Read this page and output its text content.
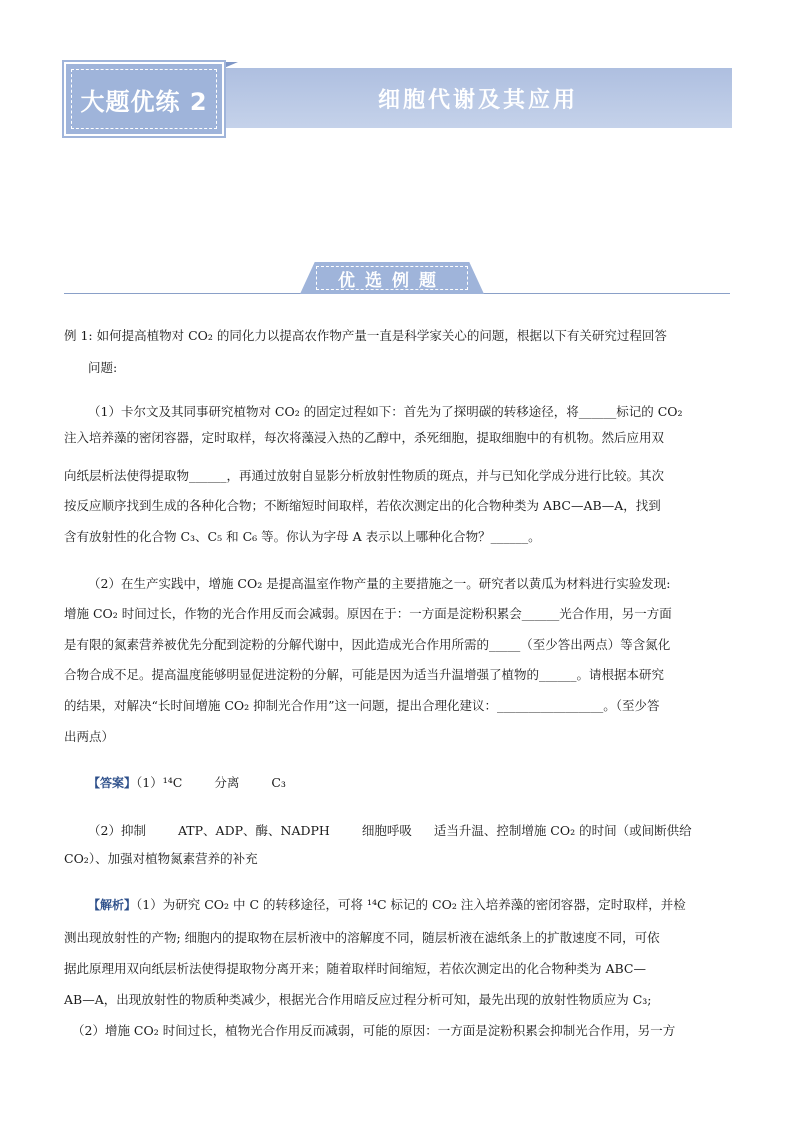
大题优练 2	细胞代谢及其应用
优选例题
例 1: 如何提高植物对 CO₂ 的同化力以提高农作物产量一直是科学家关心的问题，根据以下有关研究过程回答
问题:
（1）卡尔文及其同事研究植物对 CO₂ 的固定过程如下：首先为了探明碳的转移途径，将______标记的 CO₂
注入培养藻的密闭容器，定时取样，每次将藻浸入热的乙醇中，杀死细胞，提取细胞中的有机物。然后应用双
向纸层析法使得提取物______，再通过放射自显影分析放射性物质的斑点，并与已知化学成分进行比较。其次
按反应顺序找到生成的各种化合物；不断缩短时间取样，若依次测定出的化合物种类为 ABC—AB—A，找到
含有放射性的化合物 C₃、C₅ 和 C₆ 等。你认为字母 A 表示以上哪种化合物？______。
（2）在生产实践中，增施 CO₂ 是提高温室作物产量的主要措施之一。研究者以黄瓜为材料进行实验发现:
增施 CO₂ 时间过长，作物的光合作用反而会减弱。原因在于：一方面是淀粉积累会______光合作用，另一方面
是有限的氮素营养被优先分配到淀粉的分解代谢中，因此造成光合作用所需的_____（至少答出两点）等含氮化
合物合成不足。提高温度能够明显促进淀粉的分解，可能是因为适当升温增强了植物的______。请根据本研究
的结果，对解决“长时间增施 CO₂ 抑制光合作用”这一问题，提出合理化建议：_________________。（至少答
出两点）
【答案】（1）¹⁴C	分离	C₃
（2）抑制	ATP、ADP、酶、NADPH	细胞呼吸 适当升温、控制增施 CO₂ 的时间（或间断供给
CO₂）、加强对植物氮素营养的补充
【解析】（1）为研究 CO₂ 中 C 的转移途径，可将 ¹⁴C 标记的 CO₂ 注入培养藻的密闭容器，定时取样，并检
测出现放射性的产物; 细胞内的提取物在层析液中的溶解度不同，随层析液在滤纸条上的扩散速度不同，可依
据此原理用双向纸层析法使得提取物分离开来；随着取样时间缩短，若依次测定出的化合物种类为 ABC—
AB—A，出现放射性的物质种类减少，根据光合作用暗反应过程分析可知，最先出现的放射性物质应为 C₃;
（2）增施 CO₂ 时间过长，植物光合作用反而减弱，可能的原因：一方面是淀粉积累会抑制光合作用，另一方
